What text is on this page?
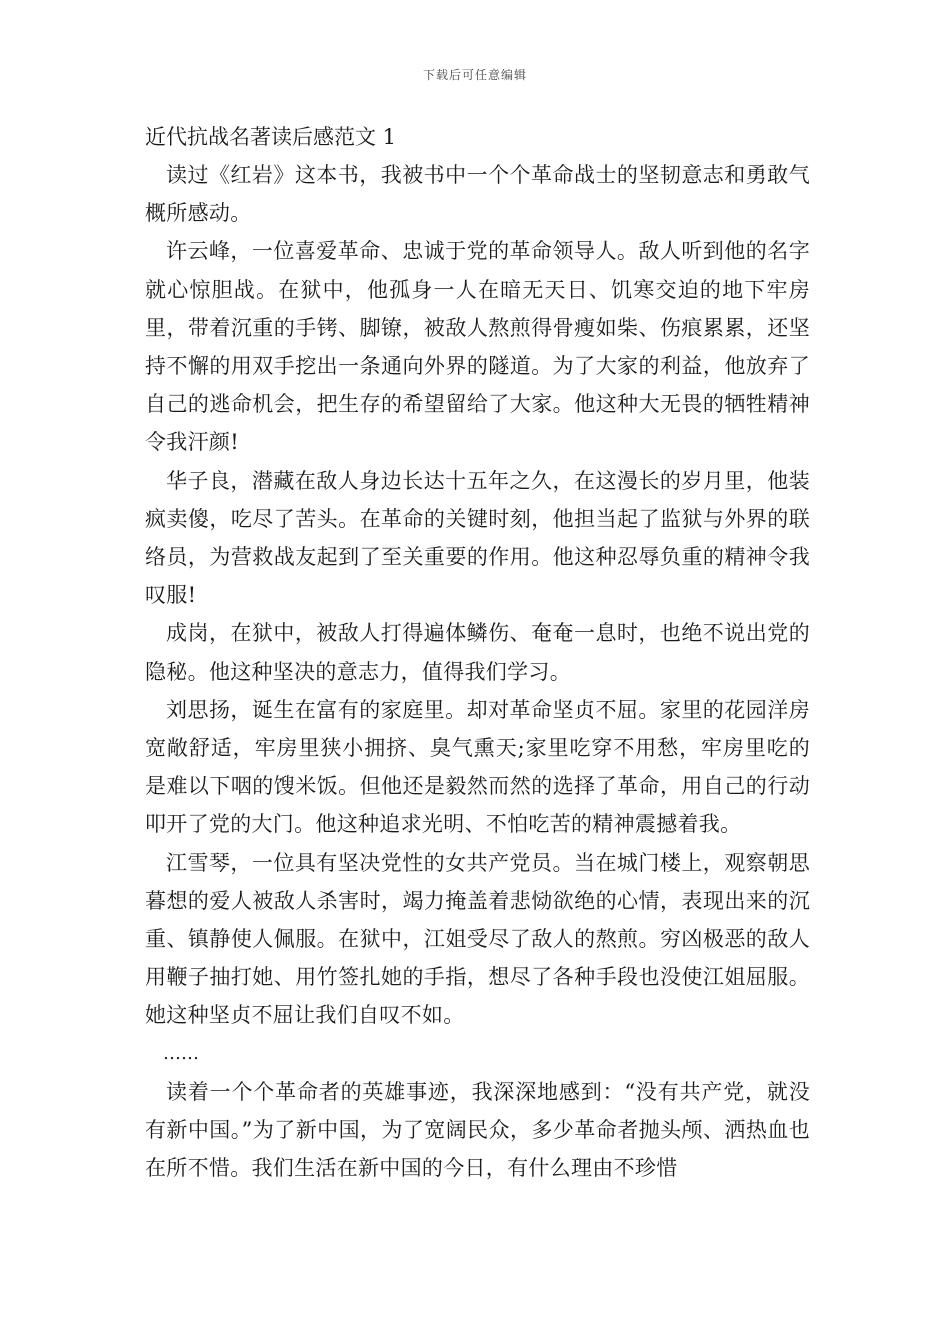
下载后可任意编辑

近代抗战名著读后感范文 1

读过《红岩》这本书，我被书中一个个革命战士的坚韧意志和勇敢气概所感动。

许云峰，一位喜爱革命、忠诚于党的革命领导人。敌人听到他的名字就心惊胆战。在狱中，他孤身一人在暗无天日、饥寒交迫的地下牢房里，带着沉重的手铐、脚镣，被敌人熬煎得骨瘦如柴、伤痕累累，还坚持不懈的用双手挖出一条通向外界的隧道。为了大家的利益，他放弃了自己的逃命机会，把生存的希望留给了大家。他这种大无畏的牺牲精神令我汗颜!

华子良，潜藏在敌人身边长达十五年之久，在这漫长的岁月里，他装疯卖傻，吃尽了苦头。在革命的关键时刻，他担当起了监狱与外界的联络员，为营救战友起到了至关重要的作用。他这种忍辱负重的精神令我叹服!

成岗，在狱中，被敌人打得遍体鳞伤、奄奄一息时，也绝不说出党的隐秘。他这种坚决的意志力，值得我们学习。

刘思扬，诞生在富有的家庭里。却对革命坚贞不屈。家里的花园洋房宽敞舒适，牢房里狭小拥挤、臭气熏天;家里吃穿不用愁，牢房里吃的是难以下咽的馊米饭。但他还是毅然而然的选择了革命，用自己的行动叩开了党的大门。他这种追求光明、不怕吃苦的精神震撼着我。

江雪琴，一位具有坚决党性的女共产党员。当在城门楼上，观察朝思暮想的爱人被敌人杀害时，竭力掩盖着悲恸欲绝的心情，表现出来的沉重、镇静使人佩服。在狱中，江姐受尽了敌人的熬煎。穷凶极恶的敌人用鞭子抽打她、用竹签扎她的手指，想尽了各种手段也没使江姐屈服。她这种坚贞不屈让我们自叹不如。

……

读着一个个革命者的英雄事迹，我深深地感到：“没有共产党，就没有新中国。”为了新中国，为了宽阔民众，多少革命者抛头颅、洒热血也在所不惜。我们生活在新中国的今日，有什么理由不珍惜
